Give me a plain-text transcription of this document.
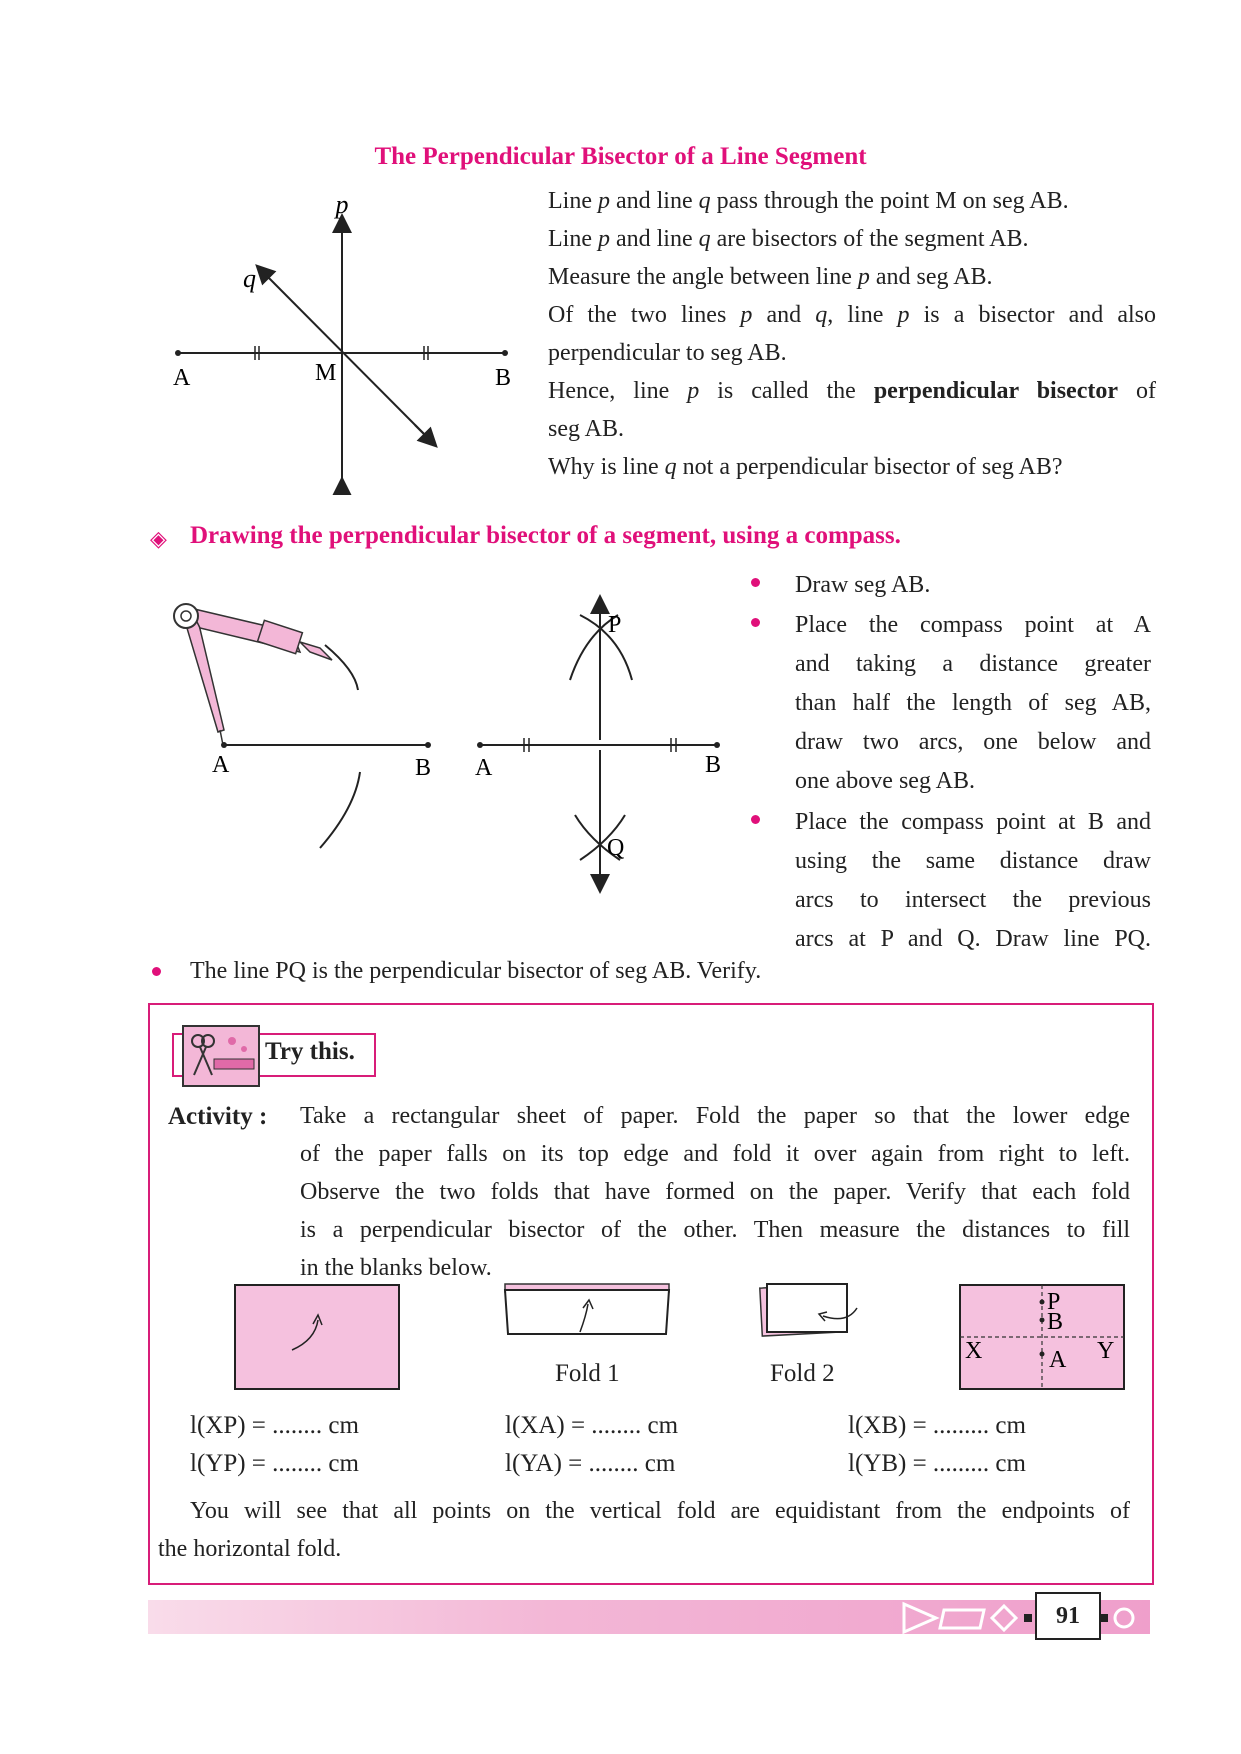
The Perpendicular Bisector of a Line Segment
p
q
A	M	B
Line p and line q pass through the point M on seg AB.
Line p and line q are bisectors of the segment AB.
Measure the angle between line p and seg AB.
Of the two lines p and q, line p is a bisector and also
perpendicular to seg AB.
Hence, line p is called the perpendicular bisector of
seg AB.
Why is line q not a perpendicular bisector of seg AB?
◈ Drawing the perpendicular bisector of a segment, using a compass.
A	B
P
Q
A	B
Draw seg AB.
Place the compass point at A
and taking a distance greater
than half the length of seg AB,
draw two arcs, one below and
one above seg AB.
Place the compass point at B and
using the same distance draw
arcs to intersect the previous
arcs at P and Q. Draw line PQ.
The line PQ is the perpendicular bisector of seg AB. Verify.
Try this.
Activity : Take a rectangular sheet of paper. Fold the paper so that the lower edge
of the paper falls on its top edge and fold it over again from right to left.
Observe the two folds that have formed on the paper. Verify that each fold
is a perpendicular bisector of the other. Then measure the distances to fill
in the blanks below.
Fold 1	Fold 2
P
B
A
X	Y
l(XP) = ........ cm	l(XA) = ........ cm	l(XB) = ......... cm
l(YP) = ........ cm	l(YA) = ........ cm	l(YB) = ......... cm
You will see that all points on the vertical fold are equidistant from the endpoints of
the horizontal fold.
91
